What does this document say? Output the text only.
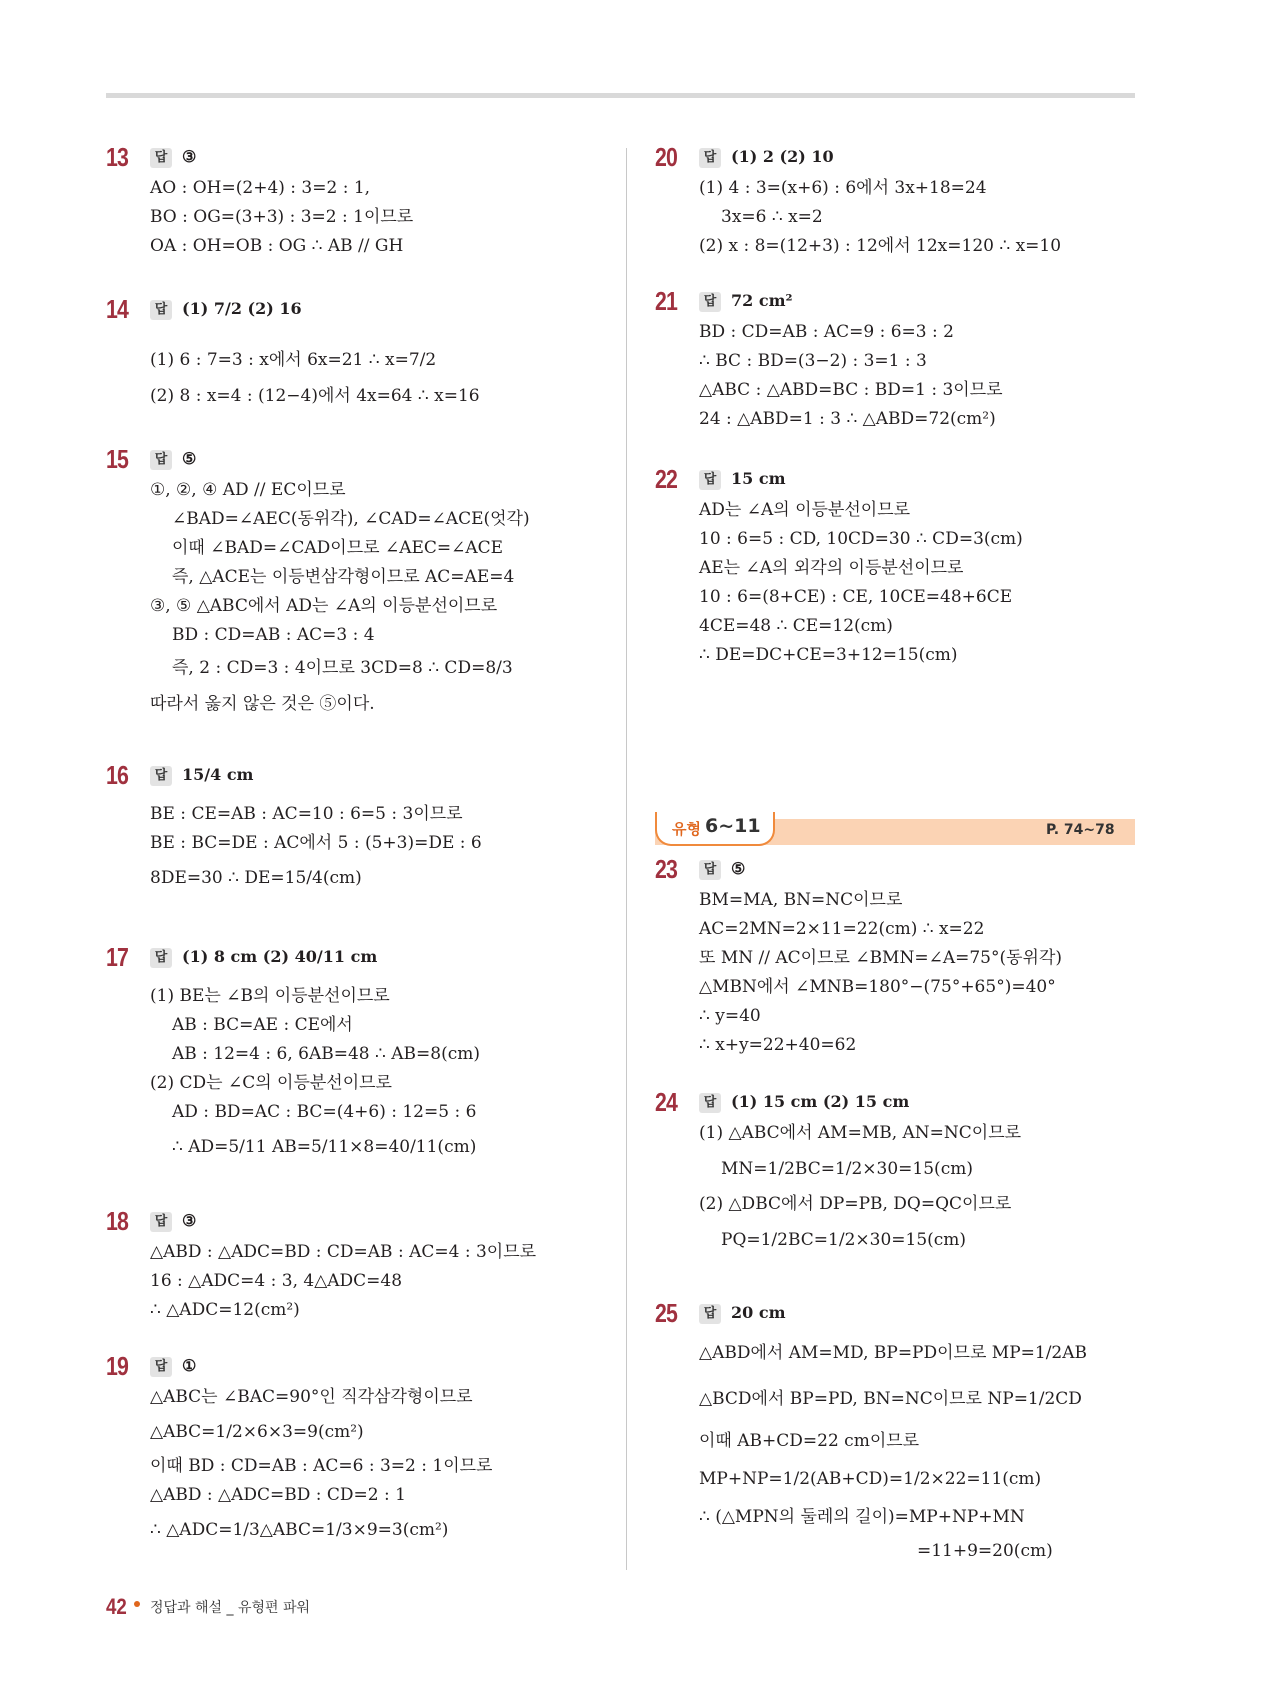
13	답 ③
AO : OH=(2+4) : 3=2 : 1,
BO : OG=(3+3) : 3=2 : 1이므로
OA : OH=OB : OG ∴ AB // GH
14	답 (1) 7/2 (2) 16
(1) 6 : 7=3 : x에서 6x=21 ∴ x=7/2
(2) 8 : x=4 : (12−4)에서 4x=64 ∴ x=16
15	답 ⑤
①, ②, ④ AD // EC이므로
∠BAD=∠AEC(동위각), ∠CAD=∠ACE(엇각)
이때 ∠BAD=∠CAD이므로 ∠AEC=∠ACE
즉, △ACE는 이등변삼각형이므로 AC=AE=4
③, ⑤ △ABC에서 AD는 ∠A의 이등분선이므로
BD : CD=AB : AC=3 : 4
즉, 2 : CD=3 : 4이므로 3CD=8 ∴ CD=8/3
따라서 옳지 않은 것은 ⑤이다.
16	답 15/4 cm
BE : CE=AB : AC=10 : 6=5 : 3이므로
BE : BC=DE : AC에서 5 : (5+3)=DE : 6
8DE=30 ∴ DE=15/4(cm)
17	답 (1) 8 cm (2) 40/11 cm
(1) BE는 ∠B의 이등분선이므로
AB : BC=AE : CE에서
AB : 12=4 : 6, 6AB=48 ∴ AB=8(cm)
(2) CD는 ∠C의 이등분선이므로
AD : BD=AC : BC=(4+6) : 12=5 : 6
∴ AD=5/11 AB=5/11×8=40/11(cm)
18	답 ③
△ABD : △ADC=BD : CD=AB : AC=4 : 3이므로
16 : △ADC=4 : 3, 4△ADC=48
∴ △ADC=12(cm²)
19	답 ①
△ABC는 ∠BAC=90°인 직각삼각형이므로
△ABC=1/2×6×3=9(cm²)
이때 BD : CD=AB : AC=6 : 3=2 : 1이므로
△ABD : △ADC=BD : CD=2 : 1
∴ △ADC=1/3△ABC=1/3×9=3(cm²)
유형 6~11	P. 74~78
20	답 (1) 2 (2) 10
(1) 4 : 3=(x+6) : 6에서 3x+18=24
3x=6 ∴ x=2
(2) x : 8=(12+3) : 12에서 12x=120 ∴ x=10
21	답 72 cm²
BD : CD=AB : AC=9 : 6=3 : 2
∴ BC : BD=(3−2) : 3=1 : 3
△ABC : △ABD=BC : BD=1 : 3이므로
24 : △ABD=1 : 3 ∴ △ABD=72(cm²)
22	답 15 cm
AD는 ∠A의 이등분선이므로
10 : 6=5 : CD, 10CD=30 ∴ CD=3(cm)
AE는 ∠A의 외각의 이등분선이므로
10 : 6=(8+CE) : CE, 10CE=48+6CE
4CE=48 ∴ CE=12(cm)
∴ DE=DC+CE=3+12=15(cm)
23	답 ⑤
BM=MA, BN=NC이므로
AC=2MN=2×11=22(cm) ∴ x=22
또 MN // AC이므로 ∠BMN=∠A=75°(동위각)
△MBN에서 ∠MNB=180°−(75°+65°)=40°
∴ y=40
∴ x+y=22+40=62
24	답 (1) 15 cm (2) 15 cm
(1) △ABC에서 AM=MB, AN=NC이므로
MN=1/2BC=1/2×30=15(cm)
(2) △DBC에서 DP=PB, DQ=QC이므로
PQ=1/2BC=1/2×30=15(cm)
25	답 20 cm
△ABD에서 AM=MD, BP=PD이므로 MP=1/2AB
△BCD에서 BP=PD, BN=NC이므로 NP=1/2CD
이때 AB+CD=22 cm이므로
MP+NP=1/2(AB+CD)=1/2×22=11(cm)
∴ (△MPN의 둘레의 길이)=MP+NP+MN
=11+9=20(cm)
42 정답과 해설 _ 유형편 파워
